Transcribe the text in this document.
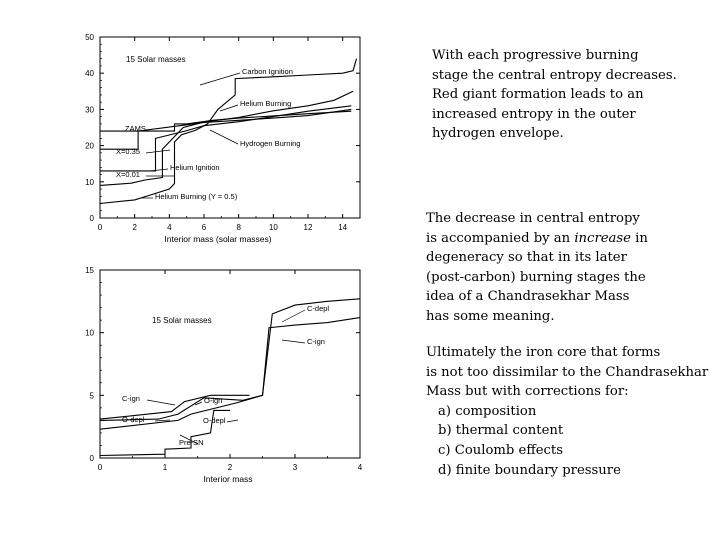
0	2	4	6	8	10	12	14
0
10
20
30
40
50
15 Solar masses
Carbon Ignition
Helium Burning
ZAMS
X=0.35
Hydrogen Burning
Helium Ignition
X=0.01
Helium Burning (Y = 0.5)
Interior mass (solar masses)
0	1	2	3	4
0
5
10
15
15 Solar masses
C-depl
C-ign
C-ign
O-depl
O-ign
O-depl
Pre-SN
Interior mass
With each progressive burning
stage the central entropy decreases.
Red giant formation leads to an
increased entropy in the outer
hydrogen envelope.
The decrease in central entropy
is accompanied by an increase in
degeneracy so that in its later
(post-carbon) burning stages the
idea of a Chandrasekhar Mass
has some meaning.
Ultimately the iron core that forms
is not too dissimilar to the Chandrasekhar
Mass but with corrections for:
a) composition
b) thermal content
c) Coulomb effects
d) finite boundary pressure
